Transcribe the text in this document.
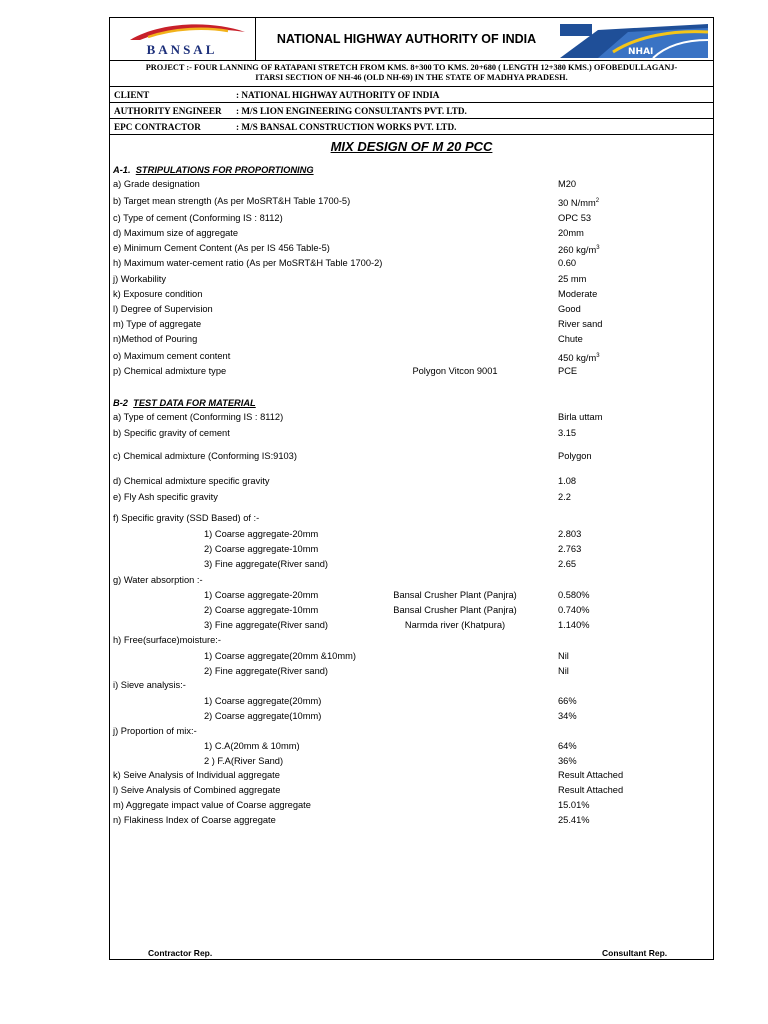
BANSAL
NATIONAL HIGHWAY AUTHORITY OF INDIA
NHAI
PROJECT :- FOUR LANNING OF RATAPANI STRETCH FROM KMS. 8+300 TO KMS. 20+680 ( LENGTH 12+380 KMS.) OFOBEDULLAGANJ-
ITARSI SECTION OF NH-46 (OLD NH-69) IN THE STATE OF MADHYA PRADESH.
CLIENT	: NATIONAL HIGHWAY AUTHORITY OF INDIA
AUTHORITY ENGINEER : M/S LION ENGINEERING CONSULTANTS PVT. LTD.
EPC CONTRACTOR	: M/S BANSAL CONSTRUCTION WORKS PVT. LTD.
MIX DESIGN OF M 20 PCC
A-1.  STRIPULATIONS FOR PROPORTIONING
a) Grade designation	M20
b) Target mean strength (As per MoSRT&H Table 1700-5)	30 $N/mm^2$
c) Type of cement (Conforming IS : 8112)	OPC 53
d) Maximum size of aggregate	20mm
e) Minimum Cement Content (As per IS 456 Table-5)	260 $kg/m^3$
h) Maximum water-cement ratio (As per MoSRT&H Table 1700-2)	0.60
j) Workability	25 mm
k) Exposure condition	Moderate
l) Degree of Supervision	Good
m) Type of aggregate	River sand
n)Method of Pouring	Chute
o) Maximum cement content	450 $kg/m^3$
p) Chemical admixture type	Polygon Vitcon 9001	PCE
B-2 TEST DATA FOR MATERIAL
a) Type of cement (Conforming IS : 8112)	Birla uttam
b) Specific gravity of cement	3.15
c) Chemical admixture (Conforming IS:9103)	Polygon
d) Chemical admixture specific gravity	1.08
e) Fly Ash specific gravity	2.2
f) Specific gravity (SSD Based) of :-
1) Coarse aggregate-20mm	2.803
2) Coarse aggregate-10mm	2.763
3) Fine aggregate(River sand)	2.65
g) Water absorption :-
1) Coarse aggregate-20mm	Bansal Crusher Plant (Panjra)	0.580%
2) Coarse aggregate-10mm	Bansal Crusher Plant (Panjra)	0.740%
3) Fine aggregate(River sand)	Narmda river (Khatpura)	1.140%
h) Free(surface)moisture:-
1) Coarse aggregate(20mm &10mm)	Nil
2) Fine aggregate(River sand)	Nil
i) Sieve analysis:-
1) Coarse aggregate(20mm)	66%
2) Coarse aggregate(10mm)	34%
j) Proportion of mix:-
1) C.A(20mm & 10mm)	64%
2 ) F.A(River Sand)	36%
k) Seive Analysis of Individual aggregate	Result Attached
l) Seive Analysis of Combined aggregate	Result Attached
m) Aggregate impact value of Coarse aggregate	15.01%
n) Flakiness Index of Coarse aggregate	25.41%
Contractor Rep.	Consultant Rep.
